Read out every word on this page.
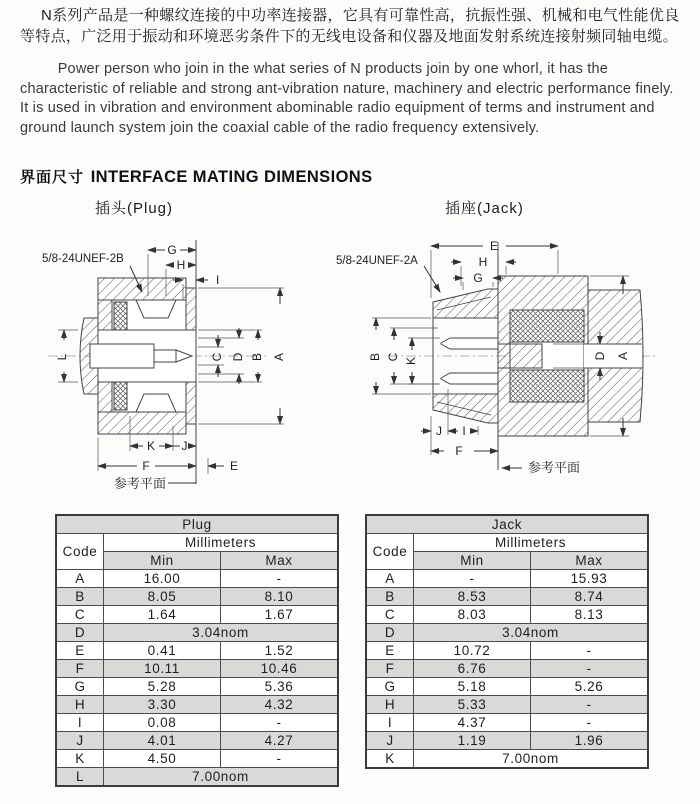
N系列产品是一种螺纹连接的中功率连接器，它具有可靠性高，抗振性强、机械和电气性能优良等特点，广泛用于振动和环境恶劣条件下的无线电设备和仪器及地面发射系统连接射频同轴电缆。

Power person who join in the what series of N products join by one whorl, it has the characteristic of reliable and strong ant-vibration nature, machinery and electric performance finely. It is used in vibration and environment abominable radio equipment of terms and instrument and ground launch system join the coaxial cable of the radio frequency extensively.

界面尺寸 INTERFACE MATING DIMENSIONS
插头(Plug)	插座(Jack)
5/8-24UNEF-2B
G
H
I
L	C D B A
K J
F	E
参考平面
5/8-24UNEF-2A
E
H
G
B C K
D A
J I
F
参考平面
Plug		
Code	Millimeters	
	Min	Max
A	16.00	-
B	8.05	8.10
C	1.64	1.67
D	3.04nom	
E	0.41	1.52
F	10.11	10.46
G	5.28	5.36
H	3.30	4.32
I	0.08	-
J	4.01	4.27
K	4.50	-
L	7.00nom	
Jack		
Code	Millimeters	
	Min	Max
A	-	15.93
B	8.53	8.74
C	8.03	8.13
D	3.04nom	
E	10.72	-
F	6.76	-
G	5.18	5.26
H	5.33	-
I	4.37	-
J	1.19	1.96
K	7.00nom	
